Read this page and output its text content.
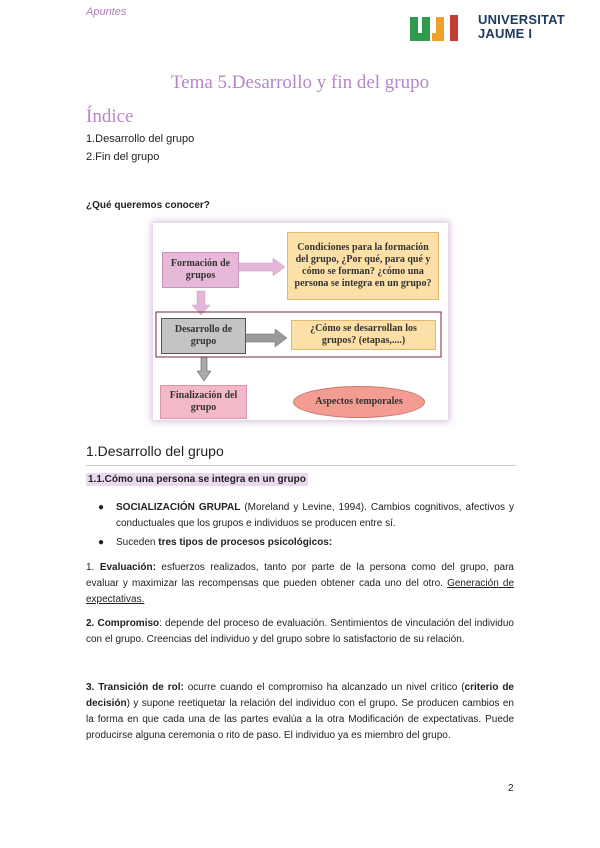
Apuntes	UNIVERSITAT
JAUME I
Tema 5.Desarrollo y fin del grupo
Índice
1.Desarrollo del grupo
2.Fin del grupo
¿Qué queremos conocer?
Formación de grupos
Condiciones para la formación del grupo, ¿Por qué, para qué y cómo se forman? ¿cómo una persona se integra en un grupo?
Desarrollo de grupo
¿Cómo se desarrollan los grupos? (etapas,....)
Finalización del grupo
Aspectos temporales
1.Desarrollo del grupo
1.1.Cómo una persona se integra en un grupo
●	SOCIALIZACIÓN GRUPAL (Moreland y Levine, 1994). Cambios cognitivos, afectivos y conductuales que los grupos e individuos se producen entre sí.
●	Suceden tres tipos de procesos psicológicos:
1. Evaluación: esfuerzos realizados, tanto por parte de la persona como del grupo, para evaluar y maximizar las recompensas que pueden obtener cada uno del otro. Generación de expectativas.
2. Compromiso: depende del proceso de evaluación. Sentimientos de vinculación del individuo con el grupo. Creencias del individuo y del grupo sobre lo satisfactorio de su relación.
3. Transición de rol: ocurre cuando el compromiso ha alcanzado un nivel crítico (criterio de decisión) y supone reetiquetar la relación del individuo con el grupo. Se producen cambios en la forma en que cada una de las partes evalúa a la otra Modificación de expectativas. Puede producirse alguna ceremonia o rito de paso. El individuo ya es miembro del grupo.
2
